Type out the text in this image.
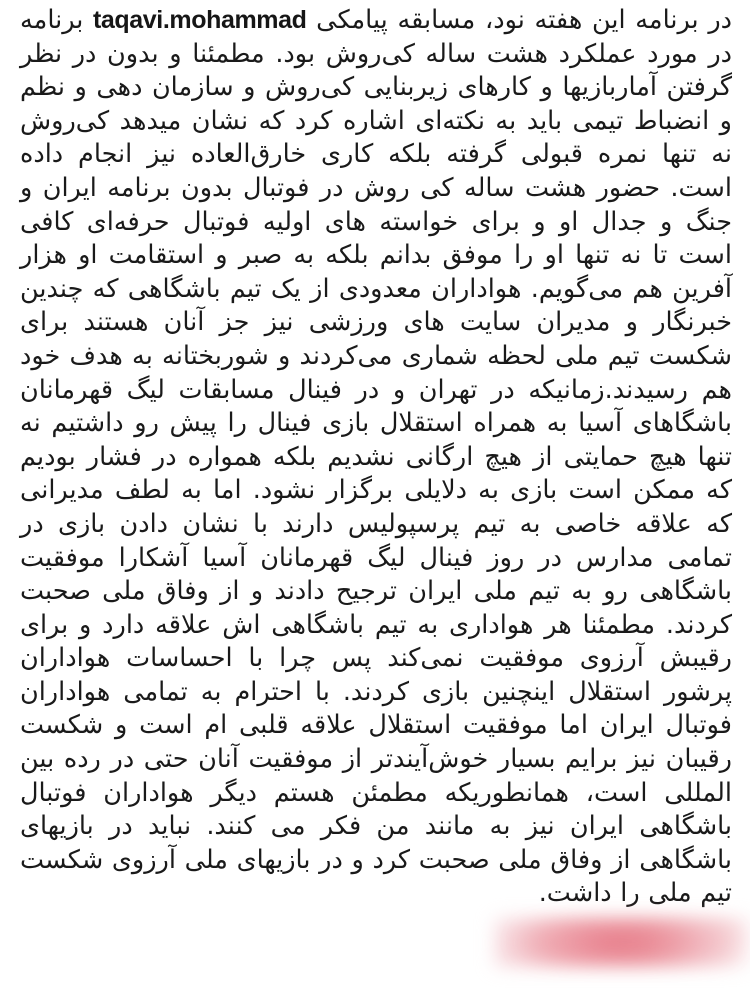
در برنامه این هفته نود، مسابقه پیامکی taqavi.mohammad برنامه در مورد عملکرد هشت ساله کی‌روش بود. مطمئنا و بدون در نظر گرفتن آماربازیها و کارهای زیربنایی کی‌روش و سازمان دهی و نظم و انضباط تیمی باید به نکته‌ای اشاره کرد که نشان میدهد کی‌روش نه تنها نمره قبولی گرفته بلکه کاری خارق‌العاده نیز انجام داده است. حضور هشت ساله کی روش در فوتبال بدون برنامه ایران و جنگ و جدال او و برای خواسته های اولیه فوتبال حرفه‌ای کافی است تا نه تنها او را موفق بدانم بلکه به صبر و استقامت او هزار آفرین هم می‌گویم. هواداران معدودی از یک تیم باشگاهی که چندین خبرنگار و مدیران سایت های ورزشی نیز جز آنان هستند برای شکست تیم ملی لحظه شماری می‌کردند و شوربختانه به هدف خود هم رسیدند.زمانیکه در تهران و در فینال مسابقات لیگ قهرمانان باشگاهای آسیا به همراه استقلال بازی فینال را پیش رو داشتیم نه تنها هیچ حمایتی از هیچ ارگانی نشدیم بلکه همواره در فشار بودیم که ممکن است بازی به دلایلی برگزار نشود. اما به لطف مدیرانی که علاقه خاصی به تیم پرسپولیس دارند با نشان دادن بازی در تمامی مدارس در روز فینال لیگ قهرمانان آسیا آشکارا موفقیت باشگاهی رو به تیم ملی ایران ترجیح دادند و از وفاق ملی صحبت کردند. مطمئنا هر هواداری به تیم باشگاهی اش علاقه دارد و برای رقیبش آرزوی موفقیت نمی‌کند پس چرا با احساسات هواداران پرشور استقلال اینچنین بازی کردند. با احترام به تمامی هواداران فوتبال ایران اما موفقیت استقلال علاقه قلبی ام است و شکست رقیبان نیز برایم بسیار خوش‌آیندتر از موفقیت آنان حتی در رده بین المللی است، همانطوریکه مطمئن هستم دیگر هواداران فوتبال باشگاهی ایران نیز به مانند من فکر می کنند. نباید در بازیهای باشگاهی از وفاق ملی صحبت کرد و در بازیهای ملی آرزوی شکست تیم ملی را داشت.
